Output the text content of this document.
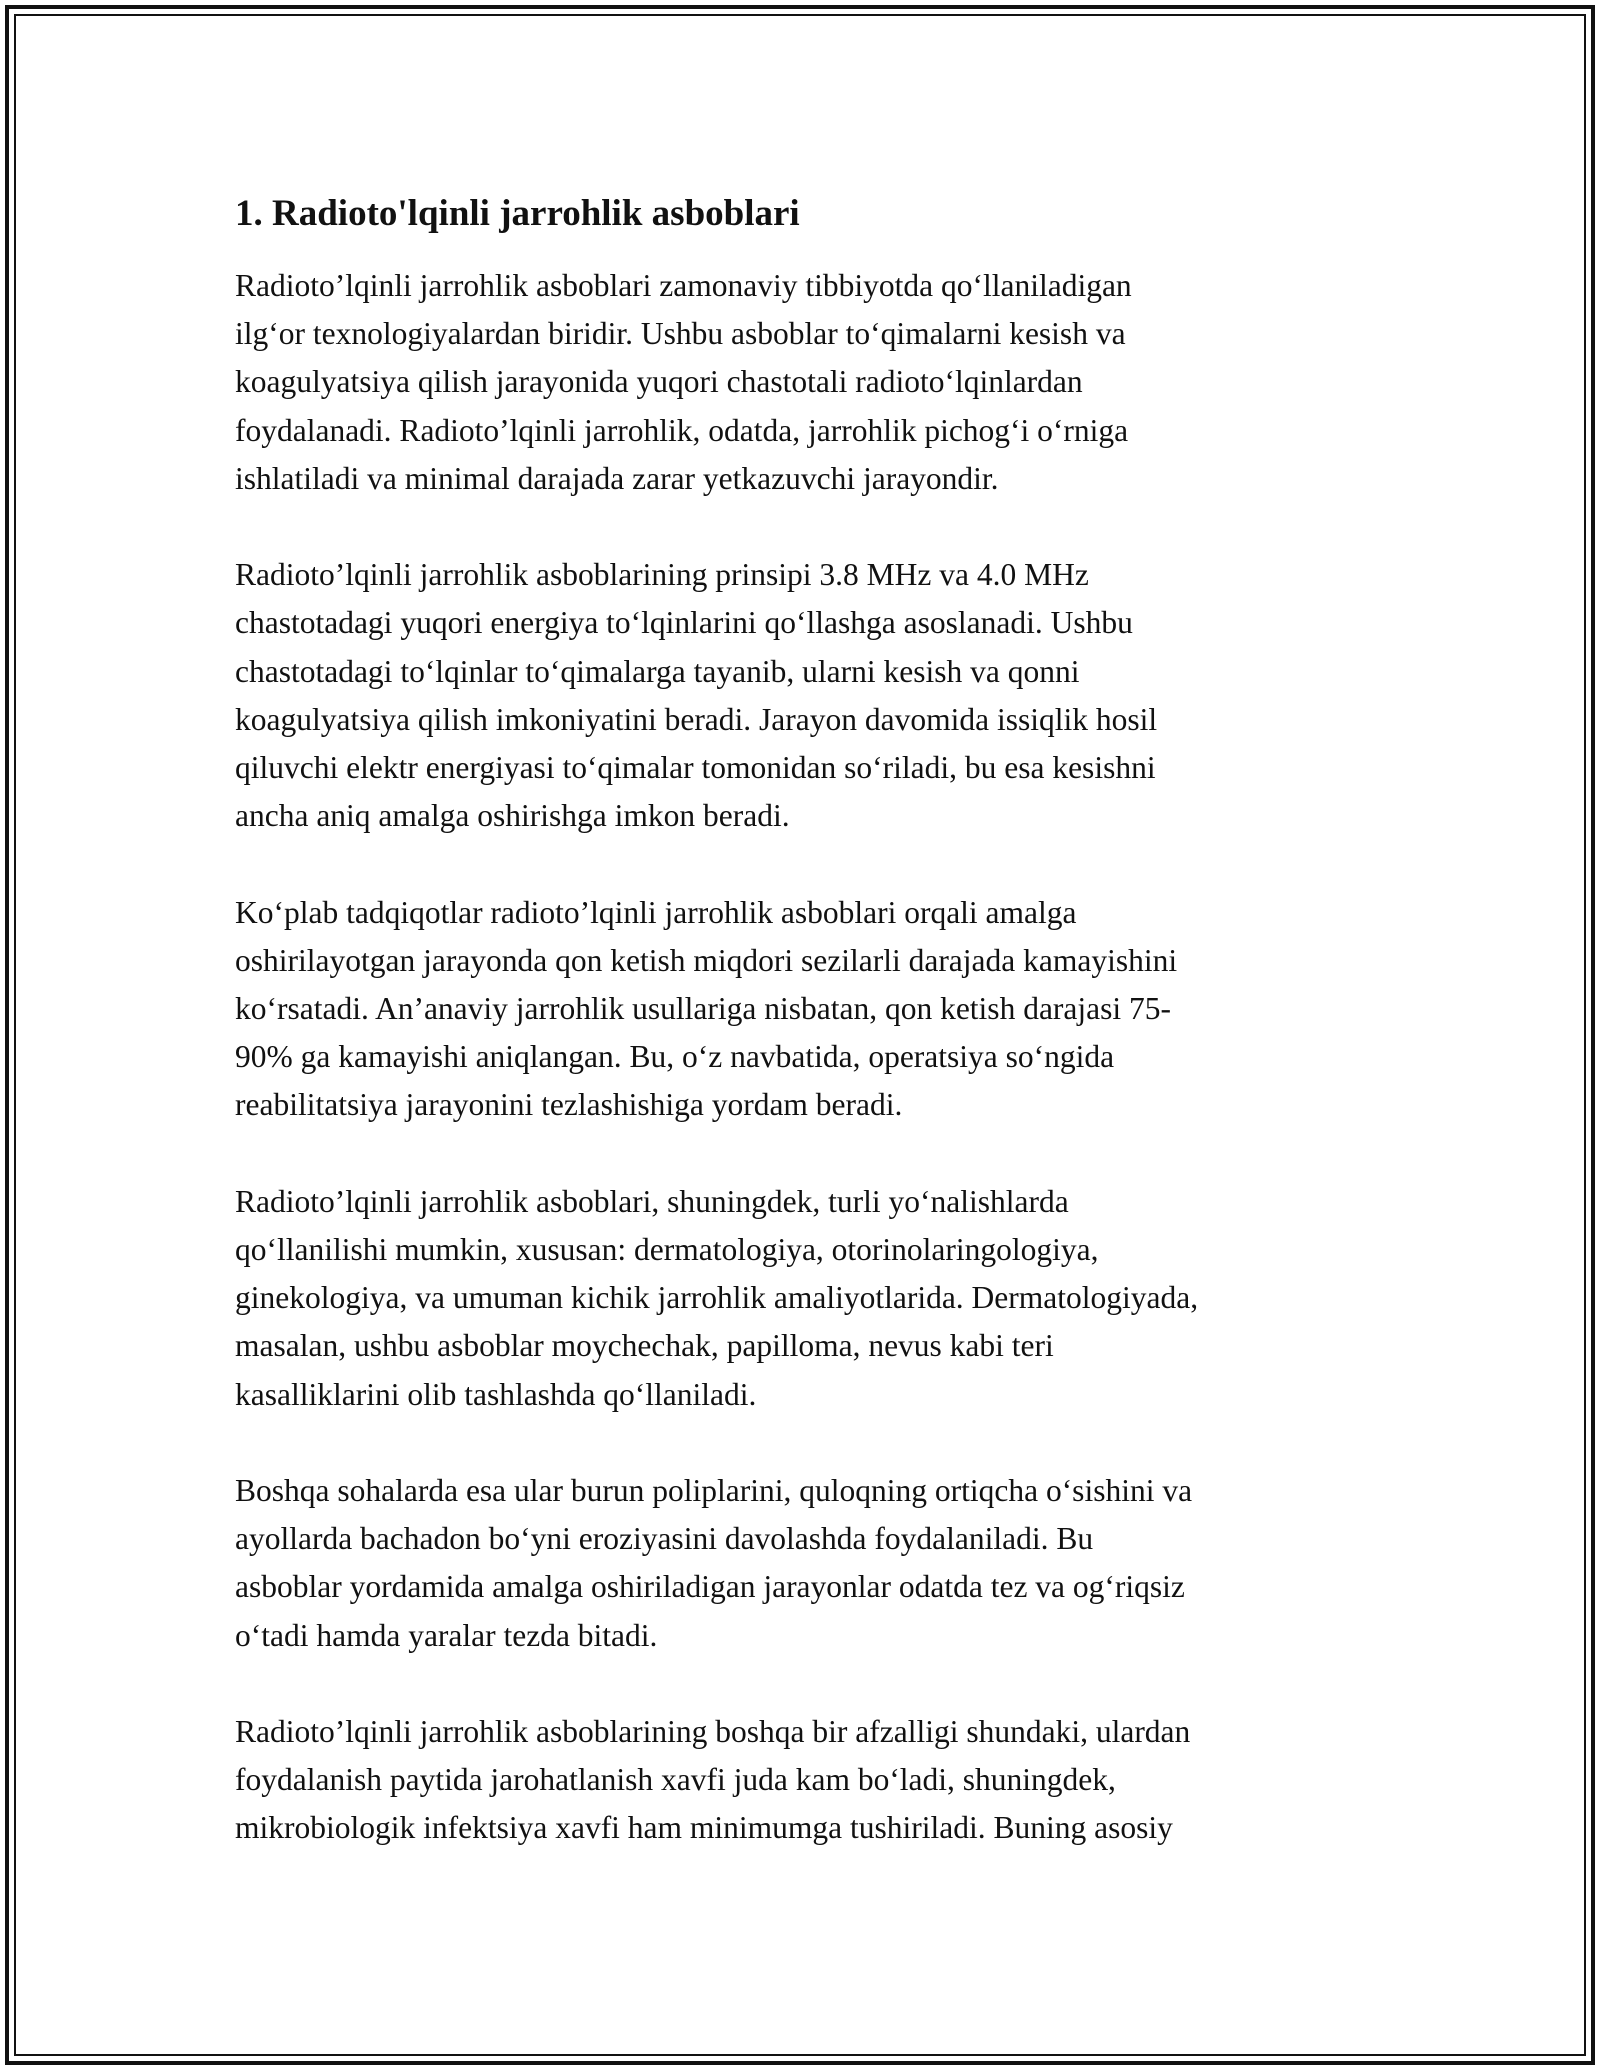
1. Radioto'lqinli jarrohlik asboblari

Radioto’lqinli jarrohlik asboblari zamonaviy tibbiyotda qo‘llaniladigan
ilg‘or texnologiyalardan biridir. Ushbu asboblar to‘qimalarni kesish va
koagulyatsiya qilish jarayonida yuqori chastotali radioto‘lqinlardan
foydalanadi. Radioto’lqinli jarrohlik, odatda, jarrohlik pichog‘i o‘rniga
ishlatiladi va minimal darajada zarar yetkazuvchi jarayondir.

Radioto’lqinli jarrohlik asboblarining prinsipi 3.8 MHz va 4.0 MHz
chastotadagi yuqori energiya to‘lqinlarini qo‘llashga asoslanadi. Ushbu
chastotadagi to‘lqinlar to‘qimalarga tayanib, ularni kesish va qonni
koagulyatsiya qilish imkoniyatini beradi. Jarayon davomida issiqlik hosil
qiluvchi elektr energiyasi to‘qimalar tomonidan so‘riladi, bu esa kesishni
ancha aniq amalga oshirishga imkon beradi.

Ko‘plab tadqiqotlar radioto’lqinli jarrohlik asboblari orqali amalga
oshirilayotgan jarayonda qon ketish miqdori sezilarli darajada kamayishini
ko‘rsatadi. An’anaviy jarrohlik usullariga nisbatan, qon ketish darajasi 75-
90% ga kamayishi aniqlangan. Bu, o‘z navbatida, operatsiya so‘ngida
reabilitatsiya jarayonini tezlashishiga yordam beradi.

Radioto’lqinli jarrohlik asboblari, shuningdek, turli yo‘nalishlarda
qo‘llanilishi mumkin, xususan: dermatologiya, otorinolaringologiya,
ginekologiya, va umuman kichik jarrohlik amaliyotlarida. Dermatologiyada,
masalan, ushbu asboblar moychechak, papilloma, nevus kabi teri
kasalliklarini olib tashlashda qo‘llaniladi.

Boshqa sohalarda esa ular burun poliplarini, quloqning ortiqcha o‘sishini va
ayollarda bachadon bo‘yni eroziyasini davolashda foydalaniladi. Bu
asboblar yordamida amalga oshiriladigan jarayonlar odatda tez va og‘riqsiz
o‘tadi hamda yaralar tezda bitadi.

Radioto’lqinli jarrohlik asboblarining boshqa bir afzalligi shundaki, ulardan
foydalanish paytida jarohatlanish xavfi juda kam bo‘ladi, shuningdek,
mikrobiologik infektsiya xavfi ham minimumga tushiriladi. Buning asosiy
